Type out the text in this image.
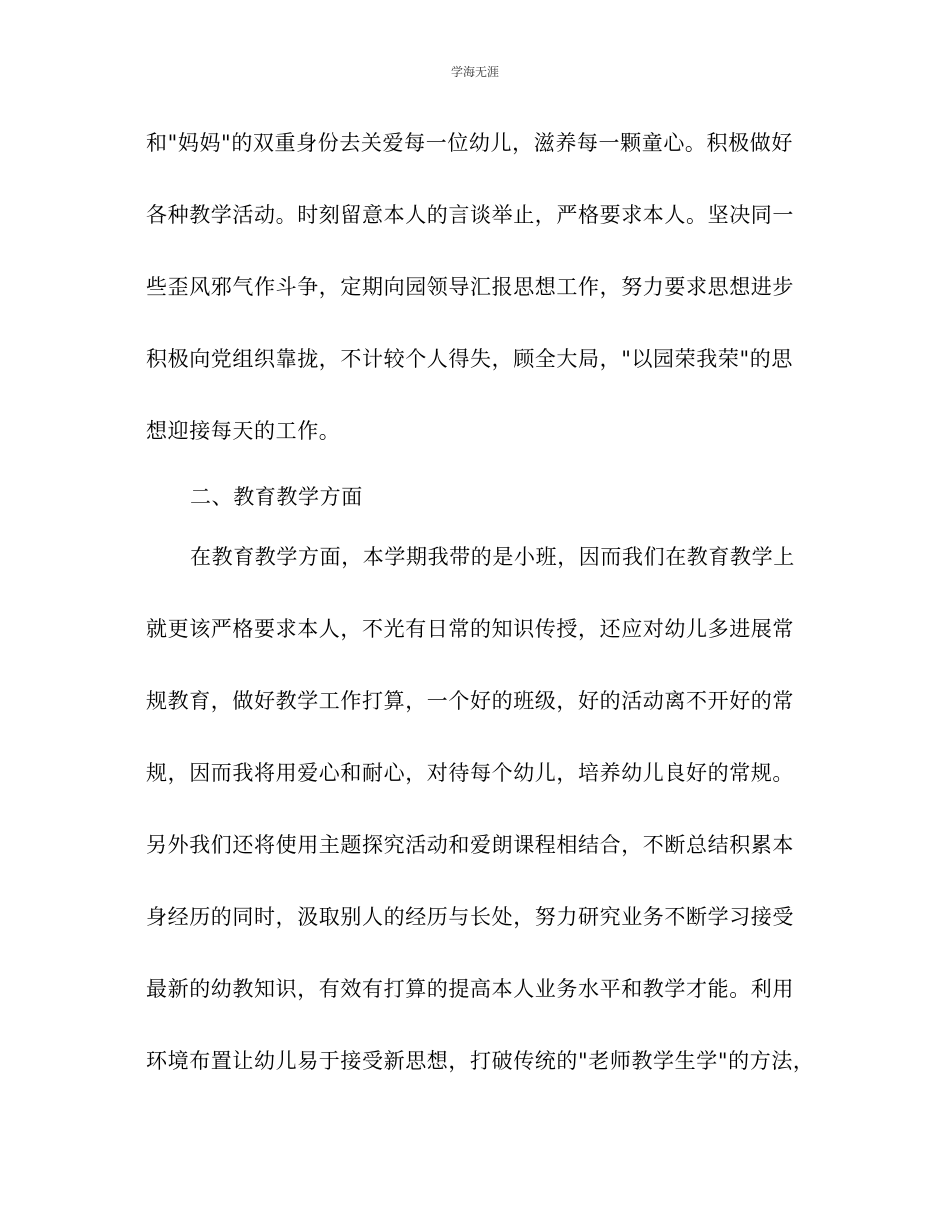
学海无涯
和"妈妈"的双重身份去关爱每一位幼儿，滋养每一颗童心。积极做好
各种教学活动。时刻留意本人的言谈举止，严格要求本人。坚决同一
些歪风邪气作斗争，定期向园领导汇报思想工作，努力要求思想进步
积极向党组织靠拢，不计较个人得失，顾全大局，"以园荣我荣"的思
想迎接每天的工作。
二、教育教学方面
在教育教学方面，本学期我带的是小班，因而我们在教育教学上
就更该严格要求本人，不光有日常的知识传授，还应对幼儿多进展常
规教育，做好教学工作打算，一个好的班级，好的活动离不开好的常
规，因而我将用爱心和耐心，对待每个幼儿，培养幼儿良好的常规。
另外我们还将使用主题探究活动和爱朗课程相结合，不断总结积累本
身经历的同时，汲取别人的经历与长处，努力研究业务不断学习接受
最新的幼教知识，有效有打算的提高本人业务水平和教学才能。利用
环境布置让幼儿易于接受新思想，打破传统的"老师教学生学"的方法，
